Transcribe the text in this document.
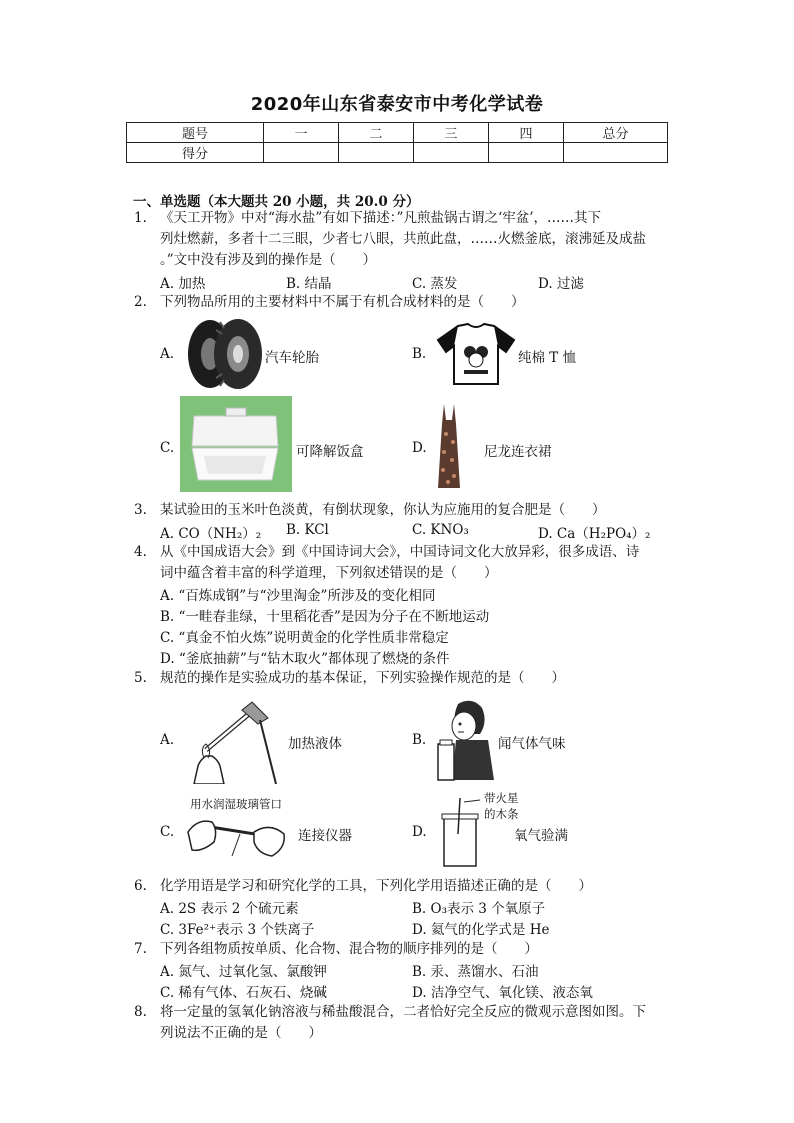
2020年山东省泰安市中考化学试卷
题号	一	二	三	四	总分
得分					
一、单选题（本大题共 20 小题，共 20.0 分）
1. 《天工开物》中对“海水盐”有如下描述：”凡煎盐锅古谓之‘牢盆’，……其下
列灶燃薪，多者十二三眼，少者七八眼，共煎此盘，……火燃釜底，滚沸延及成盐
。”文中没有涉及到的操作是（　　）
A. 加热	B. 结晶	C. 蒸发	D. 过滤
2. 下列物品所用的主要材料中不属于有机合成材料的是（　　）
A.	汽车轮胎	B.	纯棉 T 恤
C.	可降解饭盒	D.	尼龙连衣裙
3. 某试验田的玉米叶色淡黄，有倒状现象，你认为应施用的复合肥是（　　）
A. CO（NH₂）₂ B. KCl	C. KNO₃	D. Ca（H₂PO₄）₂
4. 从《中国成语大会》到《中国诗词大会》，中国诗词文化大放异彩，很多成语、诗
词中蕴含着丰富的科学道理，下列叙述错误的是（　　）
A. “百炼成钢”与“沙里淘金”所涉及的变化相同
B. “一畦春韭绿，十里稻花香”是因为分子在不断地运动
C. “真金不怕火炼”说明黄金的化学性质非常稳定
D. “釜底抽薪”与“钻木取火”都体现了燃烧的条件
5. 规范的操作是实验成功的基本保证，下列实验操作规范的是（　　）
A.	加热液体	B.	闻气体气味
C.
用水润湿玻璃管口
连接仪器	D.
带火星
的木条
氧气验满
6. 化学用语是学习和研究化学的工具，下列化学用语描述正确的是（　　）
A. 2S 表示 2 个硫元素	B. O₃表示 3 个氧原子
C. 3Fe²⁺表示 3 个铁离子	D. 氦气的化学式是 He
7. 下列各组物质按单质、化合物、混合物的顺序排列的是（　　）
A. 氮气、过氧化氢、氯酸钾	B. 汞、蒸馏水、石油
C. 稀有气体、石灰石、烧碱	D. 洁净空气、氧化镁、液态氧
8. 将一定量的氢氧化钠溶液与稀盐酸混合，二者恰好完全反应的微观示意图如图。下
列说法不正确的是（　　）
